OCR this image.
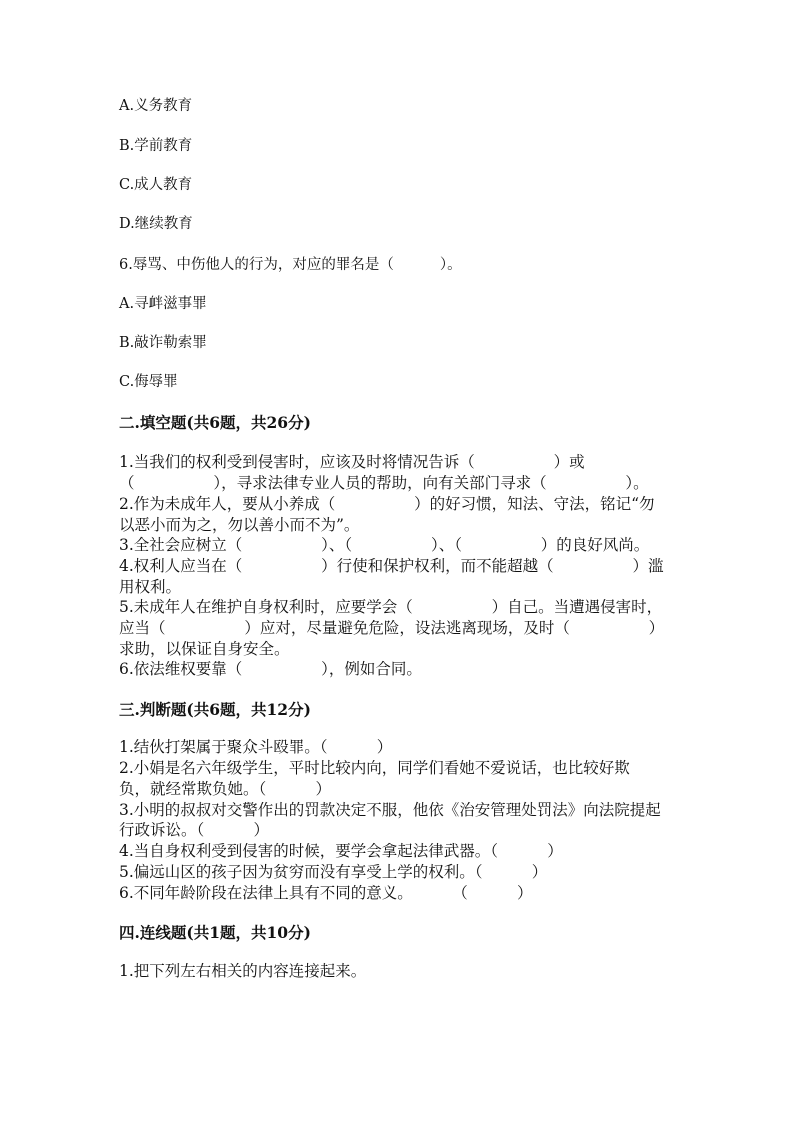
A.义务教育
B.学前教育
C.成人教育
D.继续教育
6.辱骂、中伤他人的行为，对应的罪名是（          ）。
A.寻衅滋事罪
B.敲诈勒索罪
C.侮辱罪
二.填空题(共6题，共26分)
1.当我们的权利受到侵害时，应该及时将情况告诉（                ）或
（                ），寻求法律专业人员的帮助，向有关部门寻求（                ）。
2.作为未成年人，要从小养成（                ）的好习惯，知法、守法，铭记“勿
以恶小而为之，勿以善小而不为”。
3.全社会应树立（                ）、（                ）、（                ）的良好风尚。
4.权利人应当在（                ）行使和保护权利，而不能超越（                ）滥
用权利。
5.未成年人在维护自身权利时，应要学会（                ）自己。当遭遇侵害时，
应当（                ）应对，尽量避免危险，设法逃离现场，及时（                ）
求助，以保证自身安全。
6.依法维权要靠（                ），例如合同。
三.判断题(共6题，共12分)
1.结伙打架属于聚众斗殴罪。（          ）
2.小娟是名六年级学生，平时比较内向，同学们看她不爱说话，也比较好欺
负，就经常欺负她。（          ）
3.小明的叔叔对交警作出的罚款决定不服，他依《治安管理处罚法》向法院提起
行政诉讼。（          ）
4.当自身权利受到侵害的时候，要学会拿起法律武器。（          ）
5.偏远山区的孩子因为贫穷而没有享受上学的权利。（          ）
6.不同年龄阶段在法律上具有不同的意义。        （          ）
四.连线题(共1题，共10分)
1.把下列左右相关的内容连接起来。
